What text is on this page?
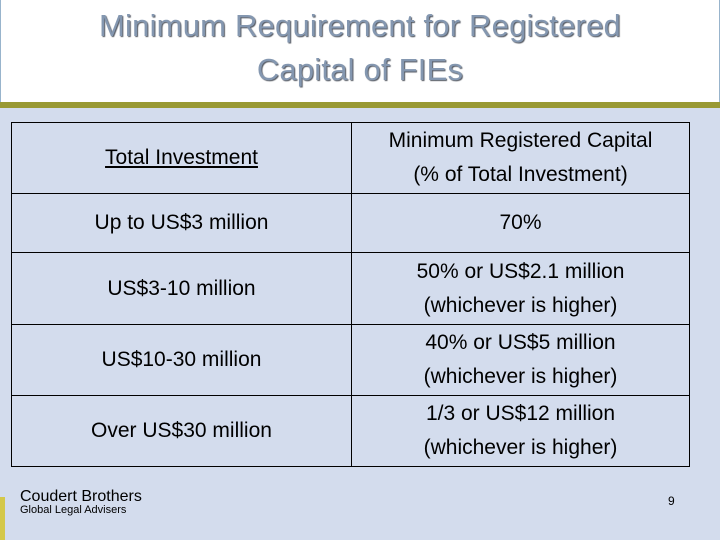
Minimum Requirement for Registered
Capital of FIEs
Total Investment	Minimum Registered Capital
(% of Total Investment)

Up to US$3 million	70%

US$3-10 million	50% or US$2.1 million
(whichever is higher)

US$10-30 million	40% or US$5 million
(whichever is higher)

Over US$30 million	1/3 or US$12 million
(whichever is higher)
Coudert Brothers
Global Legal Advisers
9
